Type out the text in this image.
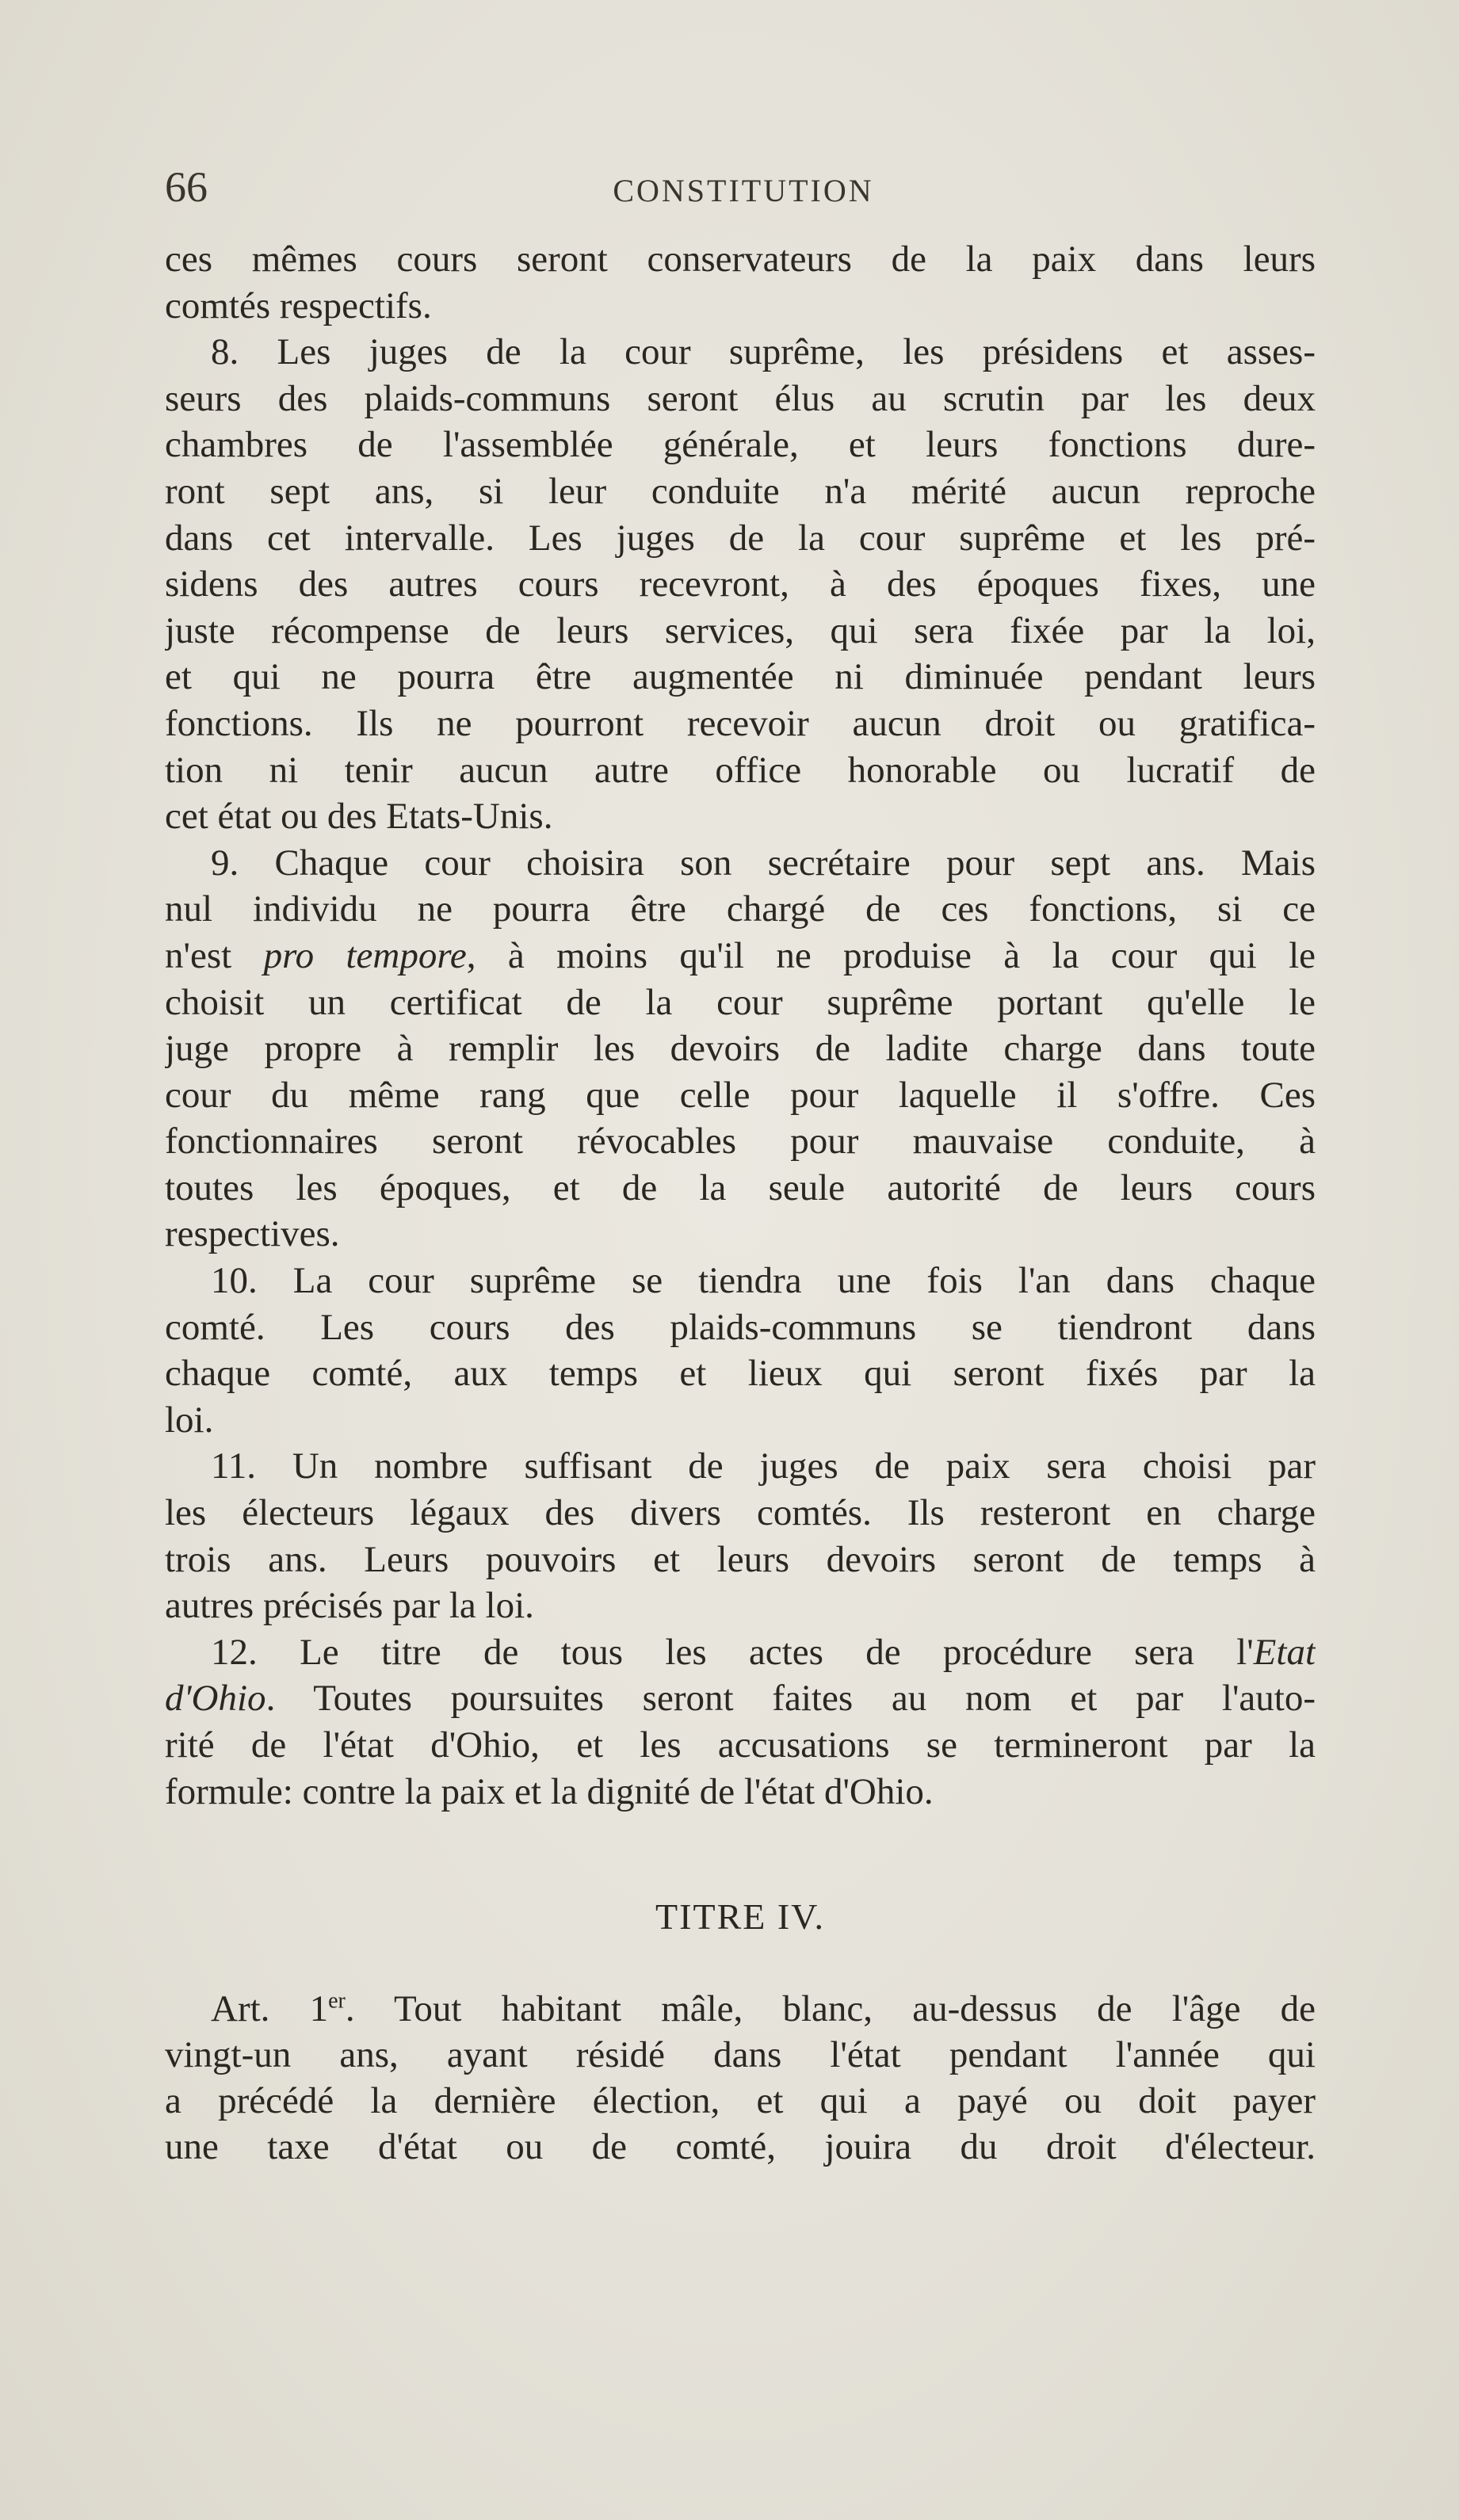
66	CONSTITUTION
ces mêmes cours seront conservateurs de la paix dans leurs
comtés respectifs.
8. Les juges de la cour suprême, les présidens et asses-
seurs des plaids-communs seront élus au scrutin par les deux
chambres de l'assemblée générale, et leurs fonctions dure-
ront sept ans, si leur conduite n'a mérité aucun reproche
dans cet intervalle. Les juges de la cour suprême et les pré-
sidens des autres cours recevront, à des époques fixes, une
juste récompense de leurs services, qui sera fixée par la loi,
et qui ne pourra être augmentée ni diminuée pendant leurs
fonctions. Ils ne pourront recevoir aucun droit ou gratifica-
tion ni tenir aucun autre office honorable ou lucratif de
cet état ou des Etats-Unis.
9. Chaque cour choisira son secrétaire pour sept ans. Mais
nul individu ne pourra être chargé de ces fonctions, si ce
n'est pro tempore, à moins qu'il ne produise à la cour qui le
choisit un certificat de la cour suprême portant qu'elle le
juge propre à remplir les devoirs de ladite charge dans toute
cour du même rang que celle pour laquelle il s'offre. Ces
fonctionnaires seront révocables pour mauvaise conduite, à
toutes les époques, et de la seule autorité de leurs cours
respectives.
10. La cour suprême se tiendra une fois l'an dans chaque
comté. Les cours des plaids-communs se tiendront dans
chaque comté, aux temps et lieux qui seront fixés par la
loi.
11. Un nombre suffisant de juges de paix sera choisi par
les électeurs légaux des divers comtés. Ils resteront en charge
trois ans. Leurs pouvoirs et leurs devoirs seront de temps à
autres précisés par la loi.
12. Le titre de tous les actes de procédure sera l'Etat
d'Ohio. Toutes poursuites seront faites au nom et par l'auto-
rité de l'état d'Ohio, et les accusations se termineront par la
formule: contre la paix et la dignité de l'état d'Ohio.
TITRE IV.
Art. 1er. Tout habitant mâle, blanc, au-dessus de l'âge de
vingt-un ans, ayant résidé dans l'état pendant l'année qui
a précédé la dernière élection, et qui a payé ou doit payer
une taxe d'état ou de comté, jouira du droit d'électeur.
